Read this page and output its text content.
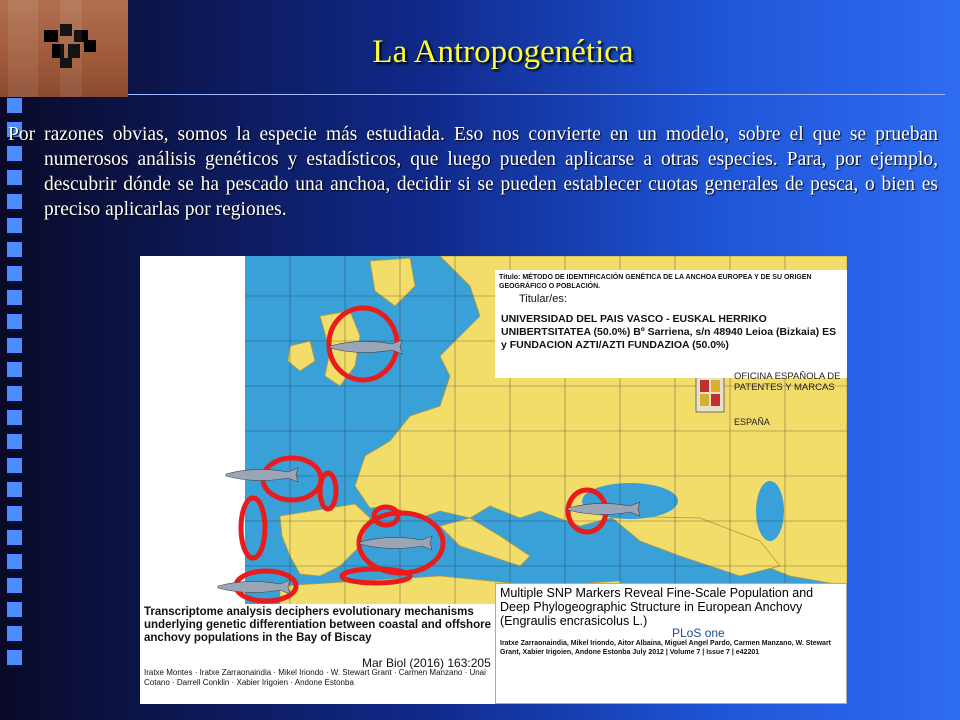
La Antropogenética

Por razones obvias, somos la especie más estudiada. Eso nos convierte en un modelo, sobre el que se prueban numerosos análisis genéticos y estadísticos, que luego pueden aplicarse a otras especies. Para, por ejemplo, descubrir dónde se ha pescado una anchoa, decidir si se pueden establecer cuotas generales de pesca, o bien es preciso aplicarlas por regiones.

Título: MÉTODO DE IDENTIFICACIÓN GENÉTICA DE LA ANCHOA EUROPEA Y DE SU ORIGEN GEOGRÁFICO O POBLACIÓN.
Titular/es:
UNIVERSIDAD DEL PAIS VASCO - EUSKAL HERRIKO UNIBERTSITATEA (50.0%) Bº Sarriena, s/n 48940 Leioa (Bizkaia) ES y FUNDACION AZTI/AZTI FUNDAZIOA (50.0%)
OFICINA ESPAÑOLA DE PATENTES Y MARCAS
ESPAÑA
Transcriptome analysis deciphers evolutionary mechanisms underlying genetic differentiation between coastal and offshore anchovy populations in the Bay of Biscay
Mar Biol (2016) 163:205
Iratxe Montes · Iratxe Zarraonaindia · Mikel Iriondo · W. Stewart Grant · Carmen Manzano · Unai Cotano · Darrell Conklin · Xabier Irigoien · Andone Estonba
Multiple SNP Markers Reveal Fine-Scale Population and Deep Phylogeographic Structure in European Anchovy (Engraulis encrasicolus L.)
PLoS one
Iratxe Zarraonaindia, Mikel Iriondo, Aitor Albaina, Miguel Angel Pardo, Carmen Manzano, W. Stewart Grant, Xabier Irigoien, Andone Estonba July 2012 | Volume 7 | Issue 7 | e42201
